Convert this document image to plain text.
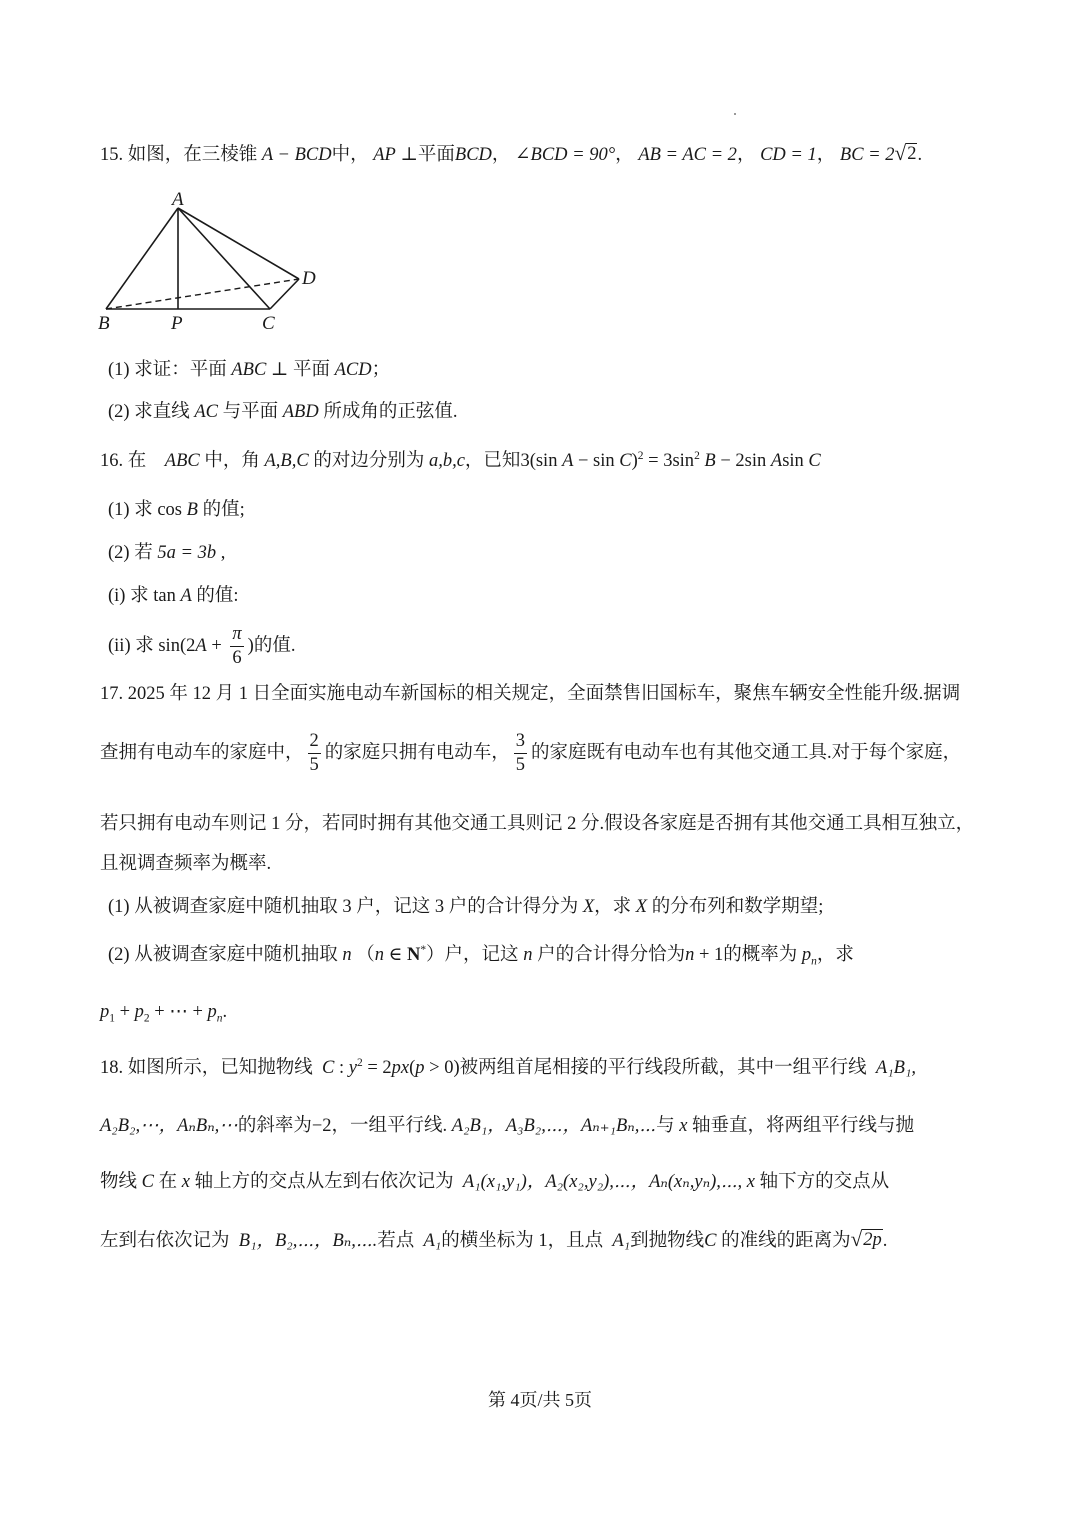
15. 如图，在三棱锥 A − BCD中， AP ⊥平面BCD， ∠BCD = 90°， AB = AC = 2， CD = 1， BC = 2 √ 2 .
A
B	P	C
D
(1) 求证：平面 ABC ⊥ 平面 ACD；
(2) 求直线 AC 与平面 ABD 所成角的正弦值.
16. 在 ABC 中，角 A,B,C 的对边分别为 a,b,c，已知3(sin $A - \sin C)^2 = 3\sin^2$ B − 2sin Asin C
(1) 求 cos B 的值;
(2) 若 5a = 3b ,
(i) 求 tan A 的值:
(ii) 求 $\sin(2A + \frac{\pi}{6}$ )的值.
17. 2025 年 12 月 1 日全面实施电动车新国标的相关规定，全面禁售旧国标车，聚焦车辆安全性能升级.据调
查拥有电动车的家庭中， $\frac{2}{5}$ 的家庭只拥有电动车， $\frac{3}{5}$ 的家庭既有电动车也有其他交通工具.对于每个家庭，
若只拥有电动车则记 1 分，若同时拥有其他交通工具则记 2 分.假设各家庭是否拥有其他交通工具相互独立，
且视调查频率为概率.
(1) 从被调查家庭中随机抽取 3 户，记这 3 户的合计得分为 X，求 X 的分布列和数学期望;
(2) 从被调查家庭中随机抽取 n （n ∈ N*）户，记这 n 户的合计得分恰为n + 1的概率为 $p_n$，求
$p_1 + p_2$ + ⋯ + $p_n$.
18. 如图所示，已知抛物线 C : $y^2 = 2px(p > 0)$被两组首尾相接的平行线段所截，其中一组平行线 A₁B₁,
A₂B₂,⋯，AₙBₙ,⋯的斜率为−2，一组平行线. A₂B₁，A₃B₂,⋯，Aₙ₊₁Bₙ,⋯与 x 轴垂直，将两组平行线与抛
物线 C 在 x 轴上方的交点从左到右依次记为 A₁(x₁,y₁)，A₂(x₂,y₂),⋯，Aₙ(xₙ,yₙ),⋯, x 轴下方的交点从
左到右依次记为 B₁，B₂,⋯，Bₙ,⋯.若点 A₁的横坐标为 1，且点 A₁到抛物线C 的准线的距离为 √ 2p .
第 4页/共 5页
